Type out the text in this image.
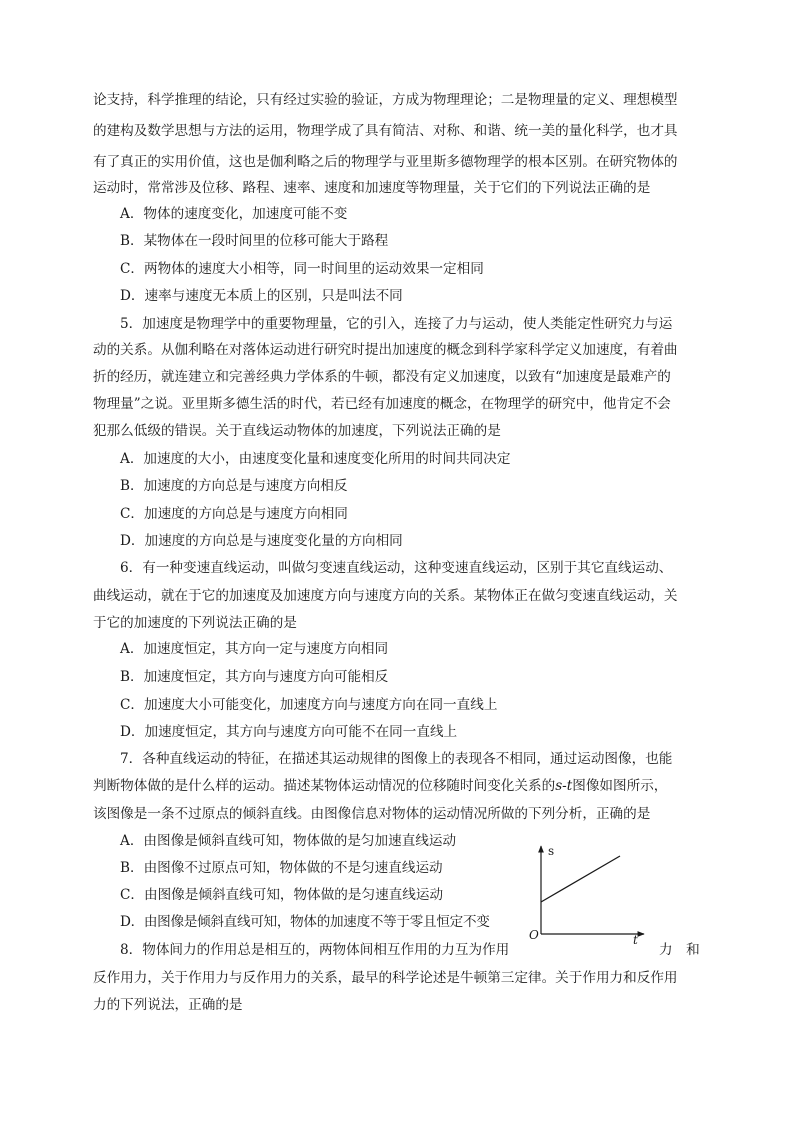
论支持，科学推理的结论，只有经过实验的验证，方成为物理理论；二是物理量的定义、理想模型
的建构及数学思想与方法的运用，物理学成了具有简洁、对称、和谐、统一美的量化科学，也才具
有了真正的实用价值，这也是伽利略之后的物理学与亚里斯多德物理学的根本区别。在研究物体的
运动时，常常涉及位移、路程、速率、速度和加速度等物理量，关于它们的下列说法正确的是
A．物体的速度变化，加速度可能不变
B．某物体在一段时间里的位移可能大于路程
C．两物体的速度大小相等，同一时间里的运动效果一定相同
D．速率与速度无本质上的区别，只是叫法不同
5．加速度是物理学中的重要物理量，它的引入，连接了力与运动，使人类能定性研究力与运
动的关系。从伽利略在对落体运动进行研究时提出加速度的概念到科学家科学定义加速度，有着曲
折的经历，就连建立和完善经典力学体系的牛顿，都没有定义加速度，以致有“加速度是最难产的
物理量”之说。亚里斯多德生活的时代，若已经有加速度的概念，在物理学的研究中，他肯定不会
犯那么低级的错误。关于直线运动物体的加速度，下列说法正确的是
A．加速度的大小，由速度变化量和速度变化所用的时间共同决定
B．加速度的方向总是与速度方向相反
C．加速度的方向总是与速度方向相同
D．加速度的方向总是与速度变化量的方向相同
6．有一种变速直线运动，叫做匀变速直线运动，这种变速直线运动，区别于其它直线运动、
曲线运动，就在于它的加速度及加速度方向与速度方向的关系。某物体正在做匀变速直线运动，关
于它的加速度的下列说法正确的是
A．加速度恒定，其方向一定与速度方向相同
B．加速度恒定，其方向与速度方向可能相反
C．加速度大小可能变化，加速度方向与速度方向在同一直线上
D．加速度恒定，其方向与速度方向可能不在同一直线上
7．各种直线运动的特征，在描述其运动规律的图像上的表现各不相同，通过运动图像，也能
判断物体做的是什么样的运动。描述某物体运动情况的位移随时间变化关系的s-t图像如图所示，
该图像是一条不过原点的倾斜直线。由图像信息对物体的运动情况所做的下列分析，正确的是
A．由图像是倾斜直线可知，物体做的是匀加速直线运动
B．由图像不过原点可知，物体做的不是匀速直线运动
C．由图像是倾斜直线可知，物体做的是匀速直线运动
D．由图像是倾斜直线可知，物体的加速度不等于零且恒定不变
s
t
O
8．物体间力的作用总是相互的，两物体间相互作用的力互为作用	力　和
反作用力，关于作用力与反作用力的关系，最早的科学论述是牛顿第三定律。关于作用力和反作用
力的下列说法，正确的是
